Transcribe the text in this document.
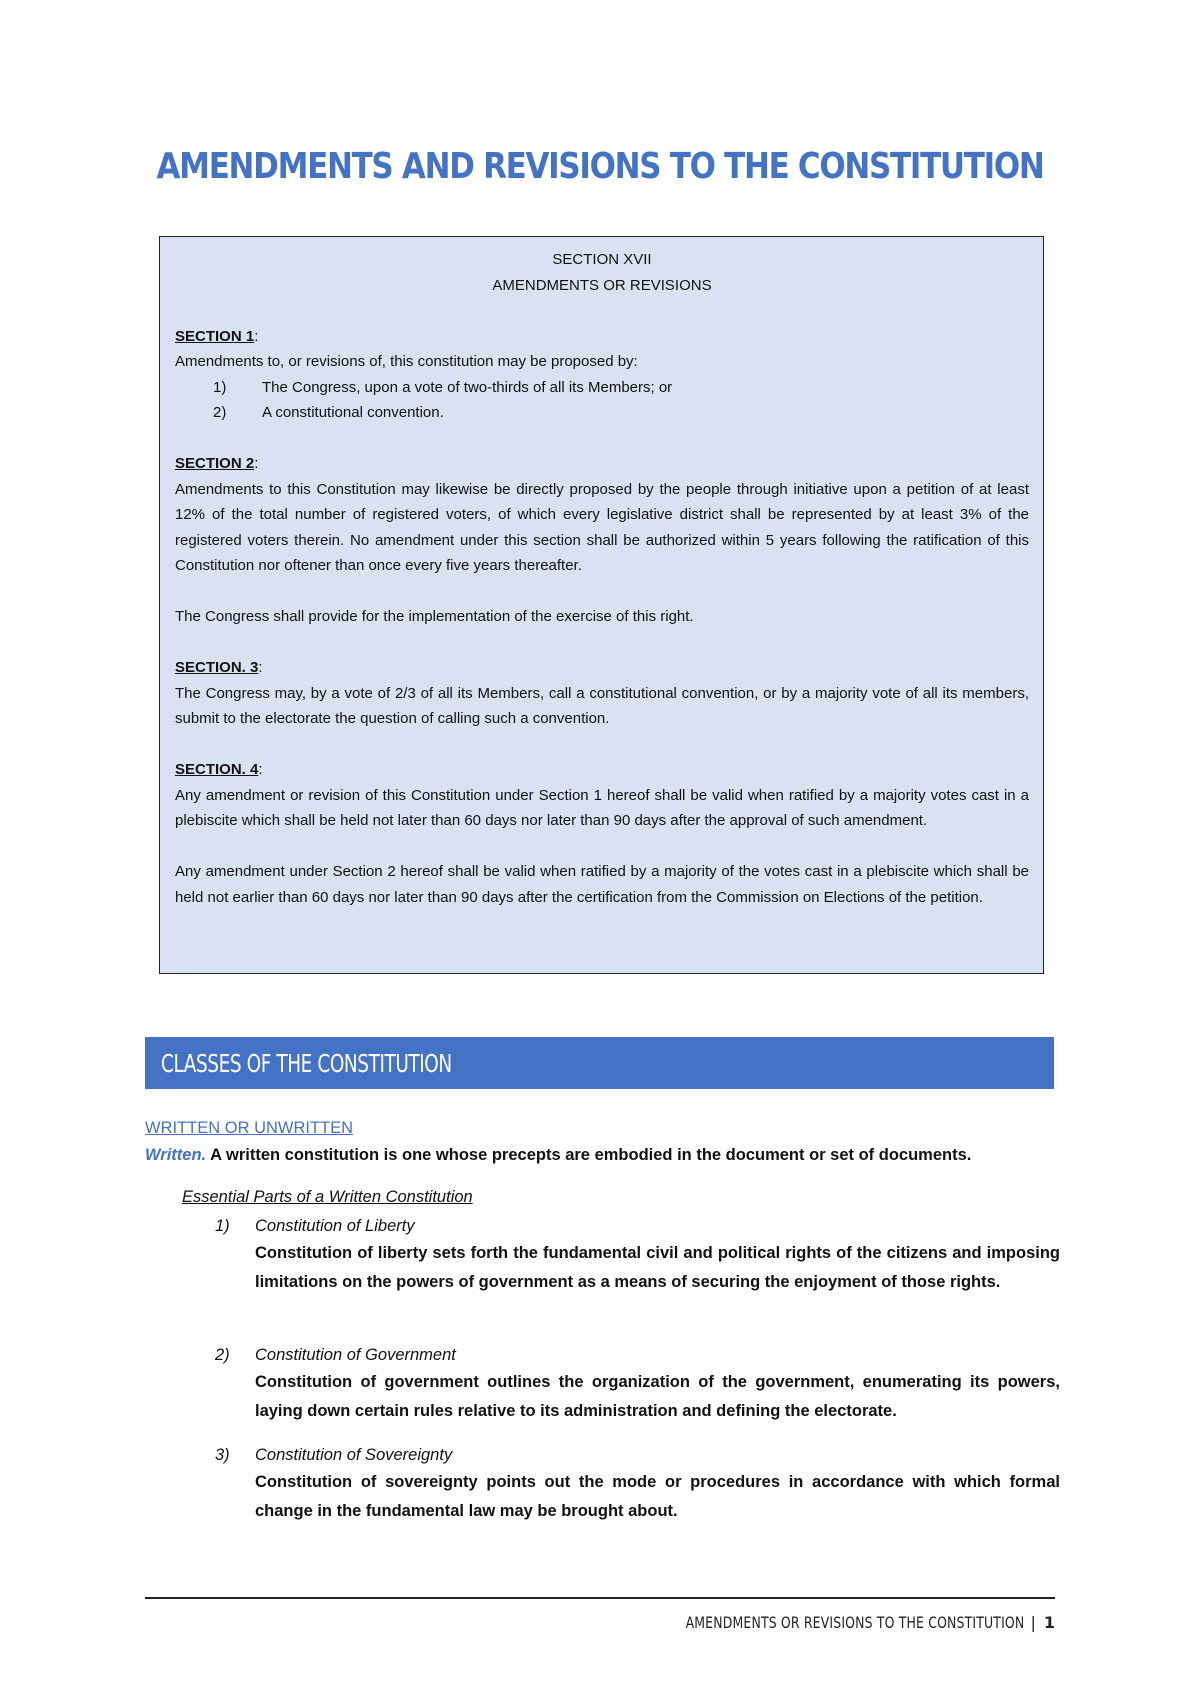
AMENDMENTS AND REVISIONS TO THE CONSTITUTION

SECTION XVII

AMENDMENTS OR REVISIONS

SECTION 1:

Amendments to, or revisions of, this constitution may be proposed by:

1)	The Congress, upon a vote of two-thirds of all its Members; or
2)	A constitutional convention.

SECTION 2:

Amendments to this Constitution may likewise be directly proposed by the people through initiative upon a petition of at least 12% of the total number of registered voters, of which every legislative district shall be represented by at least 3% of the registered voters therein. No amendment under this section shall be authorized within 5 years following the ratification of this Constitution nor oftener than once every five years thereafter.

The Congress shall provide for the implementation of the exercise of this right.

SECTION. 3:

The Congress may, by a vote of 2/3 of all its Members, call a constitutional convention, or by a majority vote of all its members, submit to the electorate the question of calling such a convention.

SECTION. 4:

Any amendment or revision of this Constitution under Section 1 hereof shall be valid when ratified by a majority votes cast in a plebiscite which shall be held not later than 60 days nor later than 90 days after the approval of such amendment.

Any amendment under Section 2 hereof shall be valid when ratified by a majority of the votes cast in a plebiscite which shall be held not earlier than 60 days nor later than 90 days after the certification from the Commission on Elections of the petition.

CLASSES OF THE CONSTITUTION
WRITTEN OR UNWRITTEN
Written. A written constitution is one whose precepts are embodied in the document or set of documents.
Essential Parts of a Written Constitution
1)	Constitution of Liberty
Constitution of liberty sets forth the fundamental civil and political rights of the citizens and imposing limitations on the powers of government as a means of securing the enjoyment of those rights.
2)	Constitution of Government
Constitution of government outlines the organization of the government, enumerating its powers, laying down certain rules relative to its administration and defining the electorate.
3)	Constitution of Sovereignty
Constitution of sovereignty points out the mode or procedures in accordance with which formal change in the fundamental law may be brought about.
AMENDMENTS OR REVISIONS TO THE CONSTITUTION | 1
